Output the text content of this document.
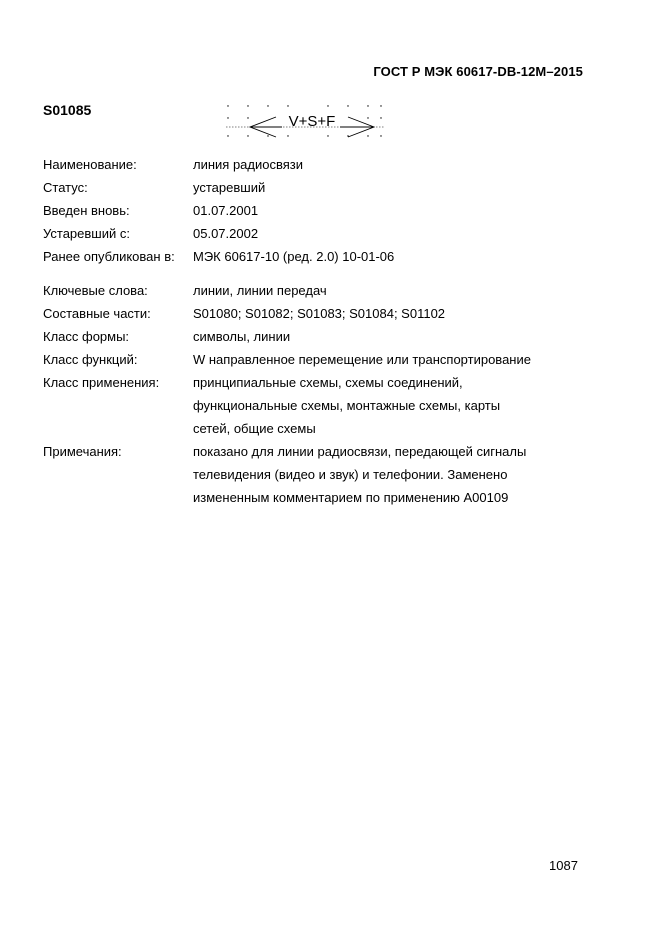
ГОСТ Р МЭК 60617-DB-12M–2015
S01085
V+S+F
Наименование:	линия радиосвязи
Статус:	устаревший
Введен вновь:	01.07.2001
Устаревший с:	05.07.2002
Ранее опубликован в: МЭК 60617-10 (ред. 2.0) 10-01-06
Ключевые слова:	линии, линии передач
Составные части:	S01080; S01082; S01083; S01084; S01102
Класс формы:	символы, линии
Класс функций:	W направленное перемещение или транспортирование
Класс применения:	принципиальные схемы, схемы соединений,
функциональные схемы, монтажные схемы, карты
сетей, общие схемы
Примечания:	показано для линии радиосвязи, передающей сигналы
телевидения (видео и звук) и телефонии. Заменено
измененным комментарием по применению А00109
1087
